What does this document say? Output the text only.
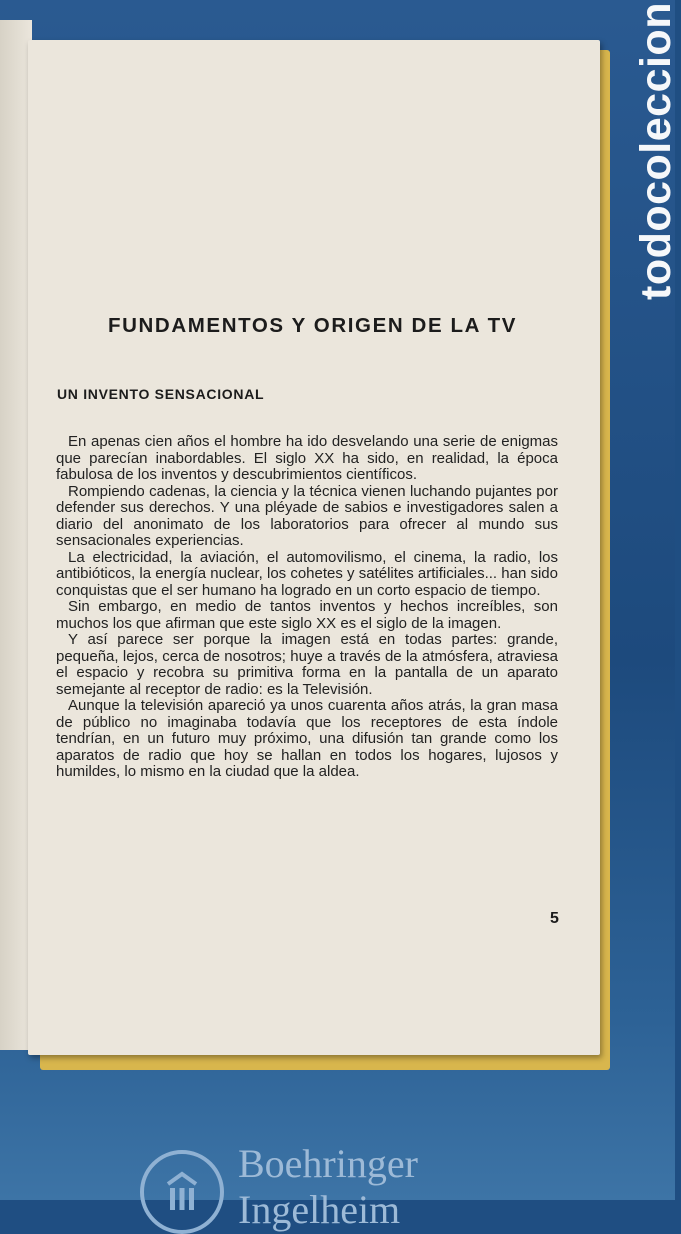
FUNDAMENTOS Y ORIGEN DE LA TV
UN INVENTO SENSACIONAL

En apenas cien años el hombre ha ido desvelando una serie de enigmas que parecían inabordables. El siglo XX ha sido, en realidad, la época fabulosa de los inventos y descubrimientos científicos.

Rompiendo cadenas, la ciencia y la técnica vienen luchando pujantes por defender sus derechos. Y una pléyade de sabios e investigadores salen a diario del anonimato de los laboratorios para ofrecer al mundo sus sensacionales experiencias.

La electricidad, la aviación, el automovilismo, el cinema, la radio, los antibióticos, la energía nuclear, los cohetes y satélites artificiales... han sido conquistas que el ser humano ha logrado en un corto espacio de tiempo.

Sin embargo, en medio de tantos inventos y hechos increíbles, son muchos los que afirman que este siglo XX es el siglo de la imagen.

Y así parece ser porque la imagen está en todas partes: grande, pequeña, lejos, cerca de nosotros; huye a través de la atmósfera, atraviesa el espacio y recobra su primitiva forma en la pantalla de un aparato semejante al receptor de radio: es la Televisión.

Aunque la televisión apareció ya unos cuarenta años atrás, la gran masa de público no imaginaba todavía que los receptores de esta índole tendrían, en un futuro muy próximo, una difusión tan grande como los aparatos de radio que hoy se hallan en todos los hogares, lujosos y humildes, lo mismo en la ciudad que la aldea.

5
todocoleccion
Boehringer
Ingelheim
